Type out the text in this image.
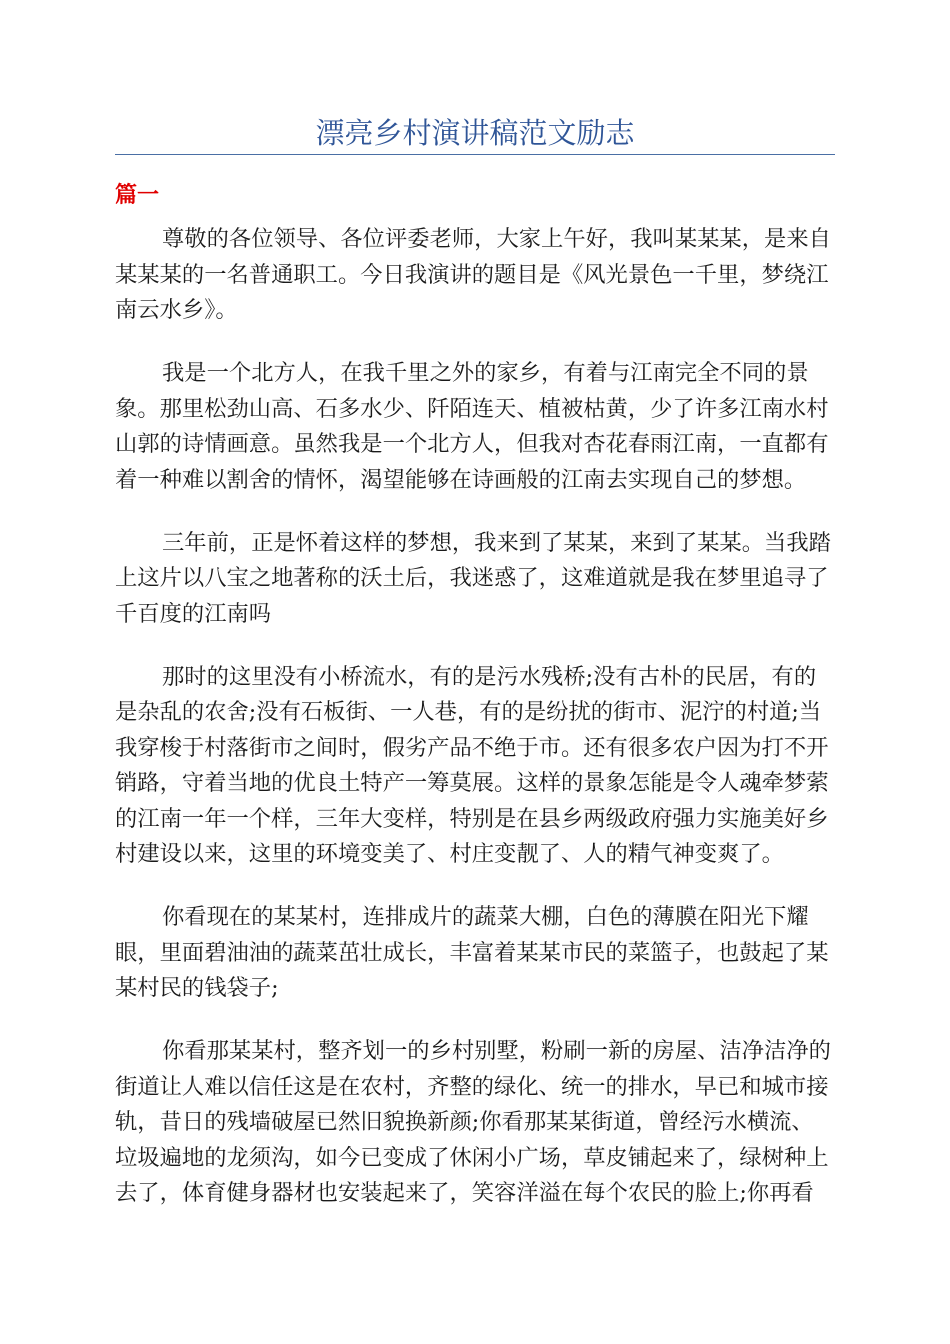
漂亮乡村演讲稿范文励志
篇一
尊敬的各位领导、各位评委老师，大家上午好，我叫某某某，是来自
某某某的一名普通职工。今日我演讲的题目是《风光景色一千里，梦绕江
南云水乡》。
我是一个北方人，在我千里之外的家乡，有着与江南完全不同的景
象。那里松劲山高、石多水少、阡陌连天、植被枯黄，少了许多江南水村
山郭的诗情画意。虽然我是一个北方人，但我对杏花春雨江南，一直都有
着一种难以割舍的情怀，渴望能够在诗画般的江南去实现自己的梦想。
三年前，正是怀着这样的梦想，我来到了某某，来到了某某。当我踏
上这片以八宝之地著称的沃土后，我迷惑了，这难道就是我在梦里追寻了
千百度的江南吗
那时的这里没有小桥流水，有的是污水残桥;没有古朴的民居，有的
是杂乱的农舍;没有石板街、一人巷，有的是纷扰的街市、泥泞的村道;当
我穿梭于村落街市之间时，假劣产品不绝于市。还有很多农户因为打不开
销路，守着当地的优良土特产一筹莫展。这样的景象怎能是令人魂牵梦萦
的江南一年一个样，三年大变样，特别是在县乡两级政府强力实施美好乡
村建设以来，这里的环境变美了、村庄变靓了、人的精气神变爽了。
你看现在的某某村，连排成片的蔬菜大棚，白色的薄膜在阳光下耀
眼，里面碧油油的蔬菜茁壮成长，丰富着某某市民的菜篮子，也鼓起了某
某村民的钱袋子;
你看那某某村，整齐划一的乡村别墅，粉刷一新的房屋、洁净洁净的
街道让人难以信任这是在农村，齐整的绿化、统一的排水，早已和城市接
轨，昔日的残墙破屋已然旧貌换新颜;你看那某某街道，曾经污水横流、
垃圾遍地的龙须沟，如今已变成了休闲小广场，草皮铺起来了，绿树种上
去了，体育健身器材也安装起来了，笑容洋溢在每个农民的脸上;你再看
